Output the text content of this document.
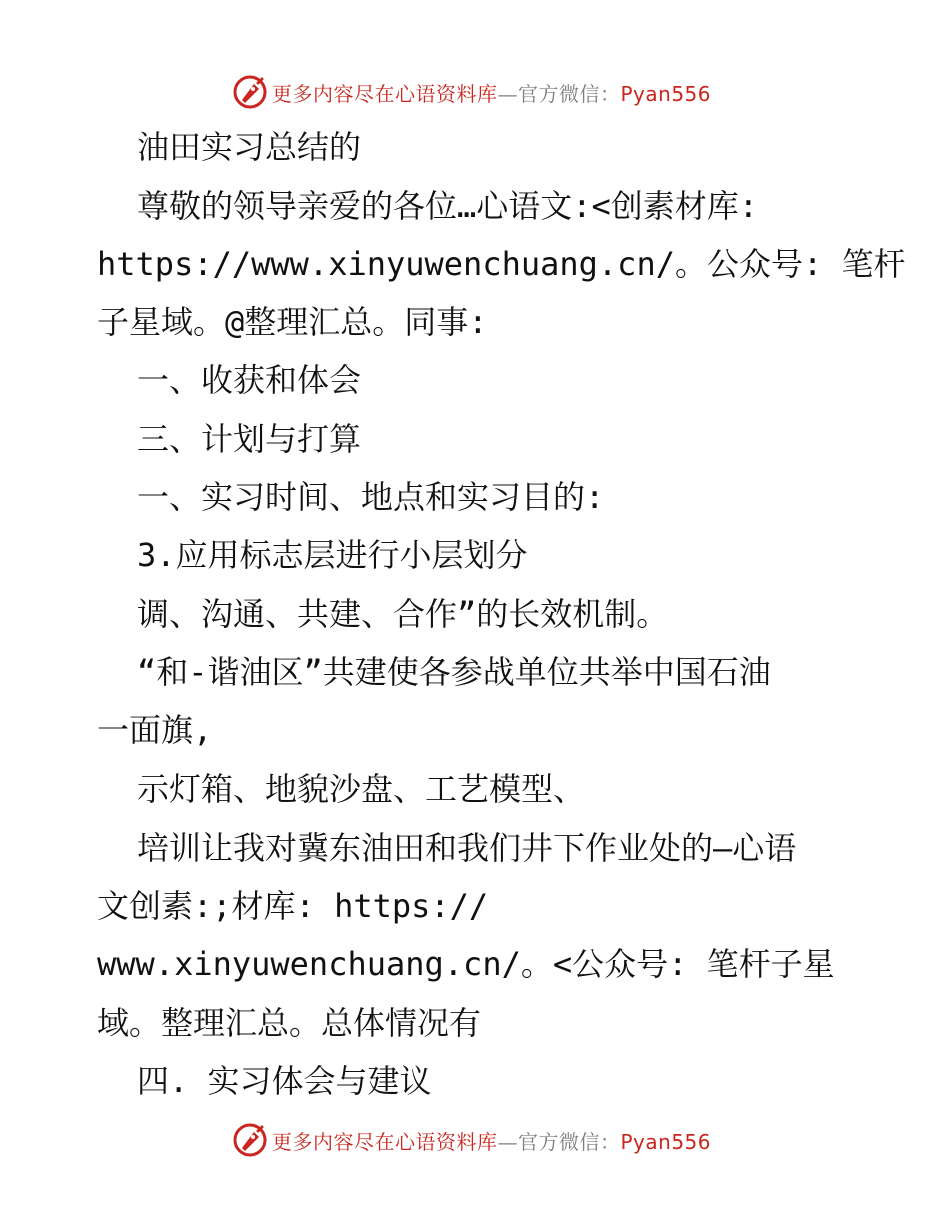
更多内容尽在心语资料库—官方微信：Pyan556
油田实习总结的
尊敬的领导亲爱的各位…心语文:<创素材库:
https://www.xinyuwenchuang.cn/。公众号: 笔杆
子星域。@整理汇总。同事:
一、收获和体会
三、计划与打算
一、实习时间、地点和实习目的:
3.应用标志层进行小层划分
调、沟通、共建、合作”的长效机制。
“和-谐油区”共建使各参战单位共举中国石油
一面旗,
示灯箱、地貌沙盘、工艺模型、
培训让我对冀东油田和我们井下作业处的—心语
文创素:;材库: https://
www.xinyuwenchuang.cn/。<公众号: 笔杆子星
域。整理汇总。总体情况有
四. 实习体会与建议
更多内容尽在心语资料库—官方微信：Pyan556
